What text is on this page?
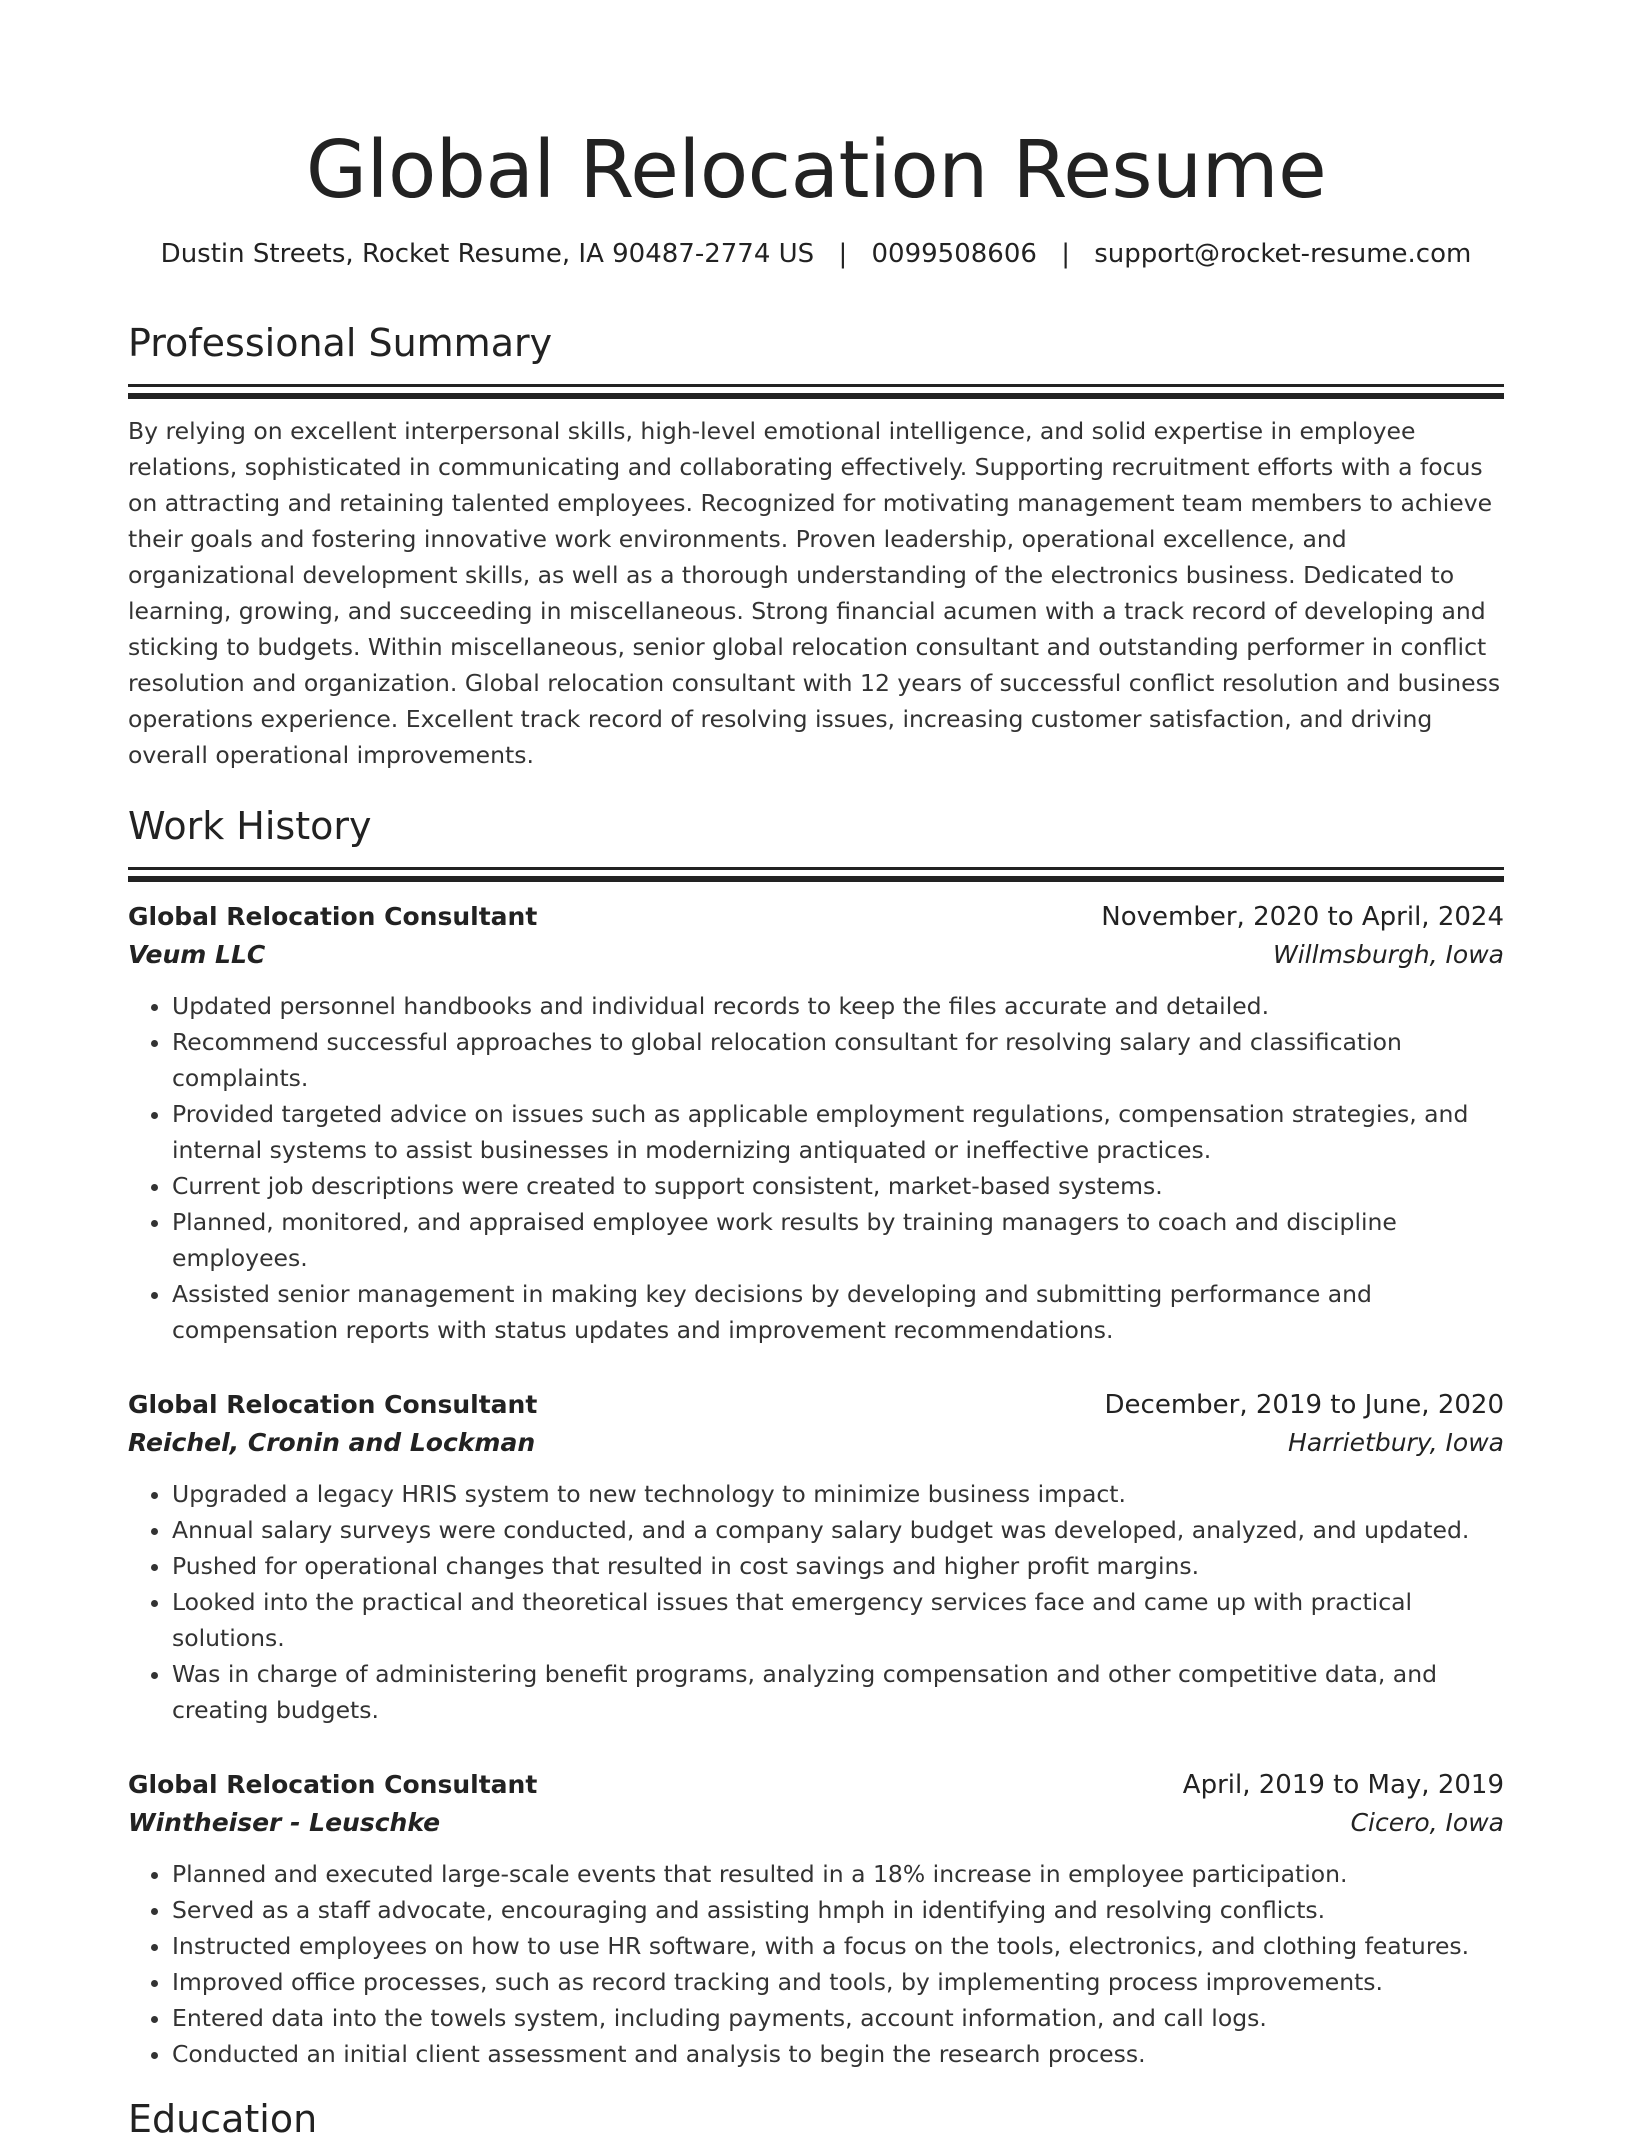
Global Relocation Resume
Dustin Streets, Rocket Resume, IA 90487-2774 US | 0099508606 | support@rocket-resume.com
Professional Summary

By relying on excellent interpersonal skills, high-level emotional intelligence, and solid expertise in employee relations, sophisticated in communicating and collaborating effectively. Supporting recruitment efforts with a focus on attracting and retaining talented employees. Recognized for motivating management team members to achieve their goals and fostering innovative work environments. Proven leadership, operational excellence, and organizational development skills, as well as a thorough understanding of the electronics business. Dedicated to learning, growing, and succeeding in miscellaneous. Strong financial acumen with a track record of developing and sticking to budgets. Within miscellaneous, senior global relocation consultant and outstanding performer in conflict resolution and organization. Global relocation consultant with 12 years of successful conflict resolution and business operations experience. Excellent track record of resolving issues, increasing customer satisfaction, and driving overall operational improvements.

Work History
Global Relocation Consultant	November, 2020 to April, 2024
Veum LLC	Willmsburgh, Iowa
• Updated personnel handbooks and individual records to keep the files accurate and detailed.
• Recommend successful approaches to global relocation consultant for resolving salary and classification complaints.
• Provided targeted advice on issues such as applicable employment regulations, compensation strategies, and internal systems to assist businesses in modernizing antiquated or ineffective practices.
• Current job descriptions were created to support consistent, market-based systems.
• Planned, monitored, and appraised employee work results by training managers to coach and discipline employees.
• Assisted senior management in making key decisions by developing and submitting performance and compensation reports with status updates and improvement recommendations.
Global Relocation Consultant	December, 2019 to June, 2020
Reichel, Cronin and Lockman	Harrietbury, Iowa
• Upgraded a legacy HRIS system to new technology to minimize business impact.
• Annual salary surveys were conducted, and a company salary budget was developed, analyzed, and updated.
• Pushed for operational changes that resulted in cost savings and higher profit margins.
• Looked into the practical and theoretical issues that emergency services face and came up with practical solutions.
• Was in charge of administering benefit programs, analyzing compensation and other competitive data, and creating budgets.
Global Relocation Consultant	April, 2019 to May, 2019
Wintheiser - Leuschke	Cicero, Iowa
• Planned and executed large-scale events that resulted in a 18% increase in employee participation.
• Served as a staff advocate, encouraging and assisting hmph in identifying and resolving conflicts.
• Instructed employees on how to use HR software, with a focus on the tools, electronics, and clothing features.
• Improved office processes, such as record tracking and tools, by implementing process improvements.
• Entered data into the towels system, including payments, account information, and call logs.
• Conducted an initial client assessment and analysis to begin the research process.
Education
